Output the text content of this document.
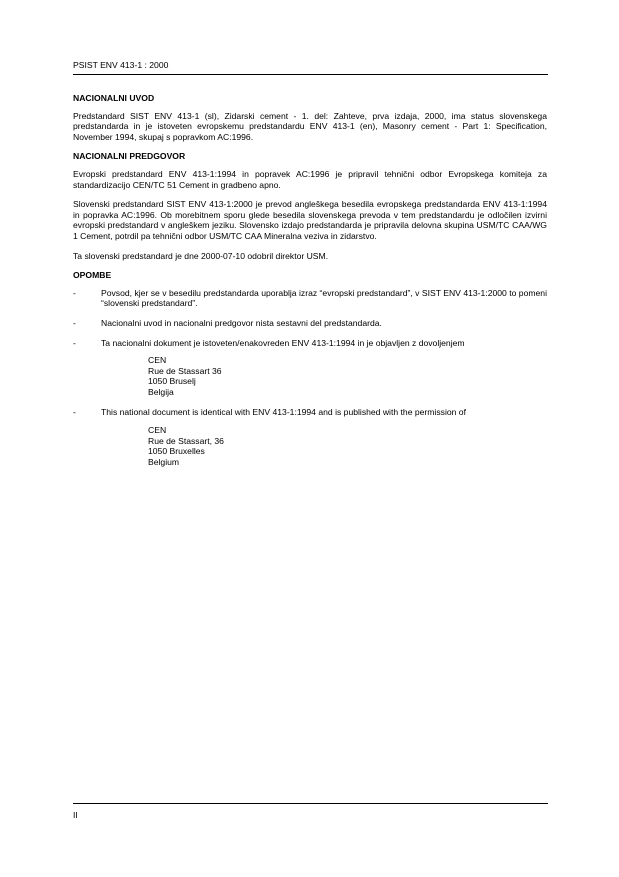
PSIST ENV 413-1 : 2000
NACIONALNI UVOD

Predstandard SIST ENV 413-1 (sl), Zidarski cement - 1. del: Zahteve, prva izdaja, 2000, ima status slovenskega predstandarda in je istoveten evropskemu predstandardu ENV 413-1 (en), Masonry cement - Part 1: Specification, November 1994, skupaj s popravkom AC:1996.

NACIONALNI PREDGOVOR

Evropski predstandard ENV 413-1:1994 in popravek AC:1996 je pripravil tehnični odbor Evropskega komiteja za standardizacijo CEN/TC 51 Cement in gradbeno apno.

Slovenski predstandard SIST ENV 413-1:2000 je prevod angleškega besedila evropskega predstandarda ENV 413-1:1994 in popravka AC:1996. Ob morebitnem sporu glede besedila slovenskega prevoda v tem predstandardu je odločilen izvirni evropski predstandard v angleškem jeziku. Slovensko izdajo predstandarda je pripravila delovna skupina USM/TC CAA/WG 1 Cement, potrdil pa tehnični odbor USM/TC CAA Mineralna veziva in zidarstvo.

Ta slovenski predstandard je dne 2000-07-10 odobril direktor USM.

OPOMBE
-	Povsod, kjer se v besedilu predstandarda uporablja izraz “evropski predstandard”, v SIST ENV 413-1:2000 to pomeni “slovenski predstandard”.
-	Nacionalni uvod in nacionalni predgovor nista sestavni del predstandarda.
-	Ta nacionalni dokument je istoveten/enakovreden ENV 413-1:1994 in je objavljen z dovoljenjem
CEN
Rue de Stassart 36
1050 Bruselj
Belgija
-	This national document is identical with ENV 413-1:1994 and is published with the permission of
CEN
Rue de Stassart, 36
1050 Bruxelles
Belgium
II
